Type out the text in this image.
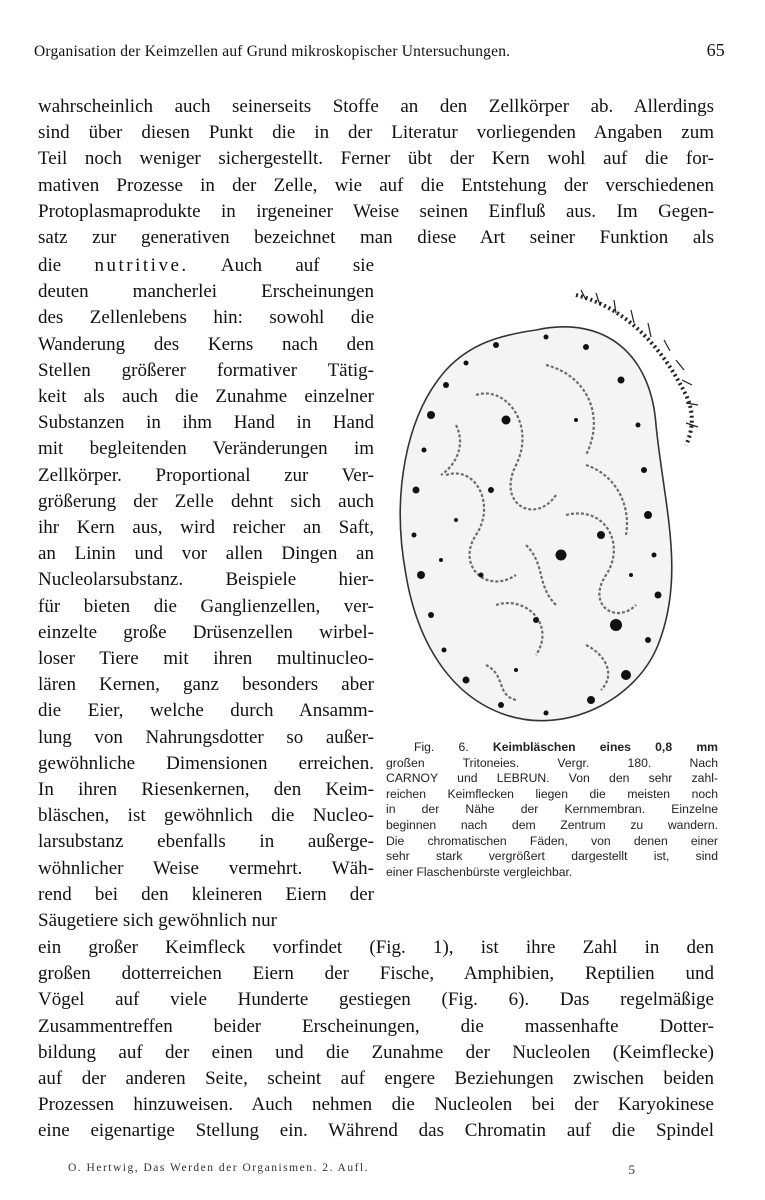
Organisation der Keimzellen auf Grund mikroskopischer Untersuchungen.	65
wahrscheinlich auch seinerseits Stoffe an den Zellkörper ab. Allerdings
sind über diesen Punkt die in der Literatur vorliegenden Angaben zum
Teil noch weniger sichergestellt. Ferner übt der Kern wohl auf die for-
mativen Prozesse in der Zelle, wie auf die Entstehung der verschiedenen
Protoplasmaprodukte in irgeneiner Weise seinen Einfluß aus. Im Gegen-
satz zur generativen bezeichnet man diese Art seiner Funktion als
die nutritive. Auch auf sie
deuten mancherlei Erscheinungen
des Zellenlebens hin: sowohl die
Wanderung des Kerns nach den
Stellen größerer formativer Tätig-
keit als auch die Zunahme einzelner
Substanzen in ihm Hand in Hand
mit begleitenden Veränderungen im
Zellkörper. Proportional zur Ver-
größerung der Zelle dehnt sich auch
ihr Kern aus, wird reicher an Saft,
an Linin und vor allen Dingen an
Nucleolarsubstanz. Beispiele hier-
für bieten die Ganglienzellen, ver-
einzelte große Drüsenzellen wirbel-
loser Tiere mit ihren multinucleo-
lären Kernen, ganz besonders aber
die Eier, welche durch Ansamm-
lung von Nahrungsdotter so außer-
gewöhnliche Dimensionen erreichen.
In ihren Riesenkernen, den Keim-
bläschen, ist gewöhnlich die Nucleo-
larsubstanz ebenfalls in außerge-
wöhnlicher Weise vermehrt. Wäh-
rend bei den kleineren Eiern der
Säugetiere sich gewöhnlich nur
Fig. 6. Keimbläschen eines 0,8 mm
großen Tritoneies. Vergr. 180. Nach
CARNOY und LEBRUN. Von den sehr zahl-
reichen Keimflecken liegen die meisten noch
in der Nähe der Kernmembran. Einzelne
beginnen nach dem Zentrum zu wandern.
Die chromatischen Fäden, von denen einer
sehr stark vergrößert dargestellt ist, sind
einer Flaschenbürste vergleichbar.
ein großer Keimfleck vorfindet (Fig. 1), ist ihre Zahl in den
großen dotterreichen Eiern der Fische, Amphibien, Reptilien und
Vögel auf viele Hunderte gestiegen (Fig. 6). Das regelmäßige
Zusammentreffen beider Erscheinungen, die massenhafte Dotter-
bildung auf der einen und die Zunahme der Nucleolen (Keimflecke)
auf der anderen Seite, scheint auf engere Beziehungen zwischen beiden
Prozessen hinzuweisen. Auch nehmen die Nucleolen bei der Karyokinese
eine eigenartige Stellung ein. Während das Chromatin auf die Spindel
O. Hertwig, Das Werden der Organismen. 2. Aufl.	5
